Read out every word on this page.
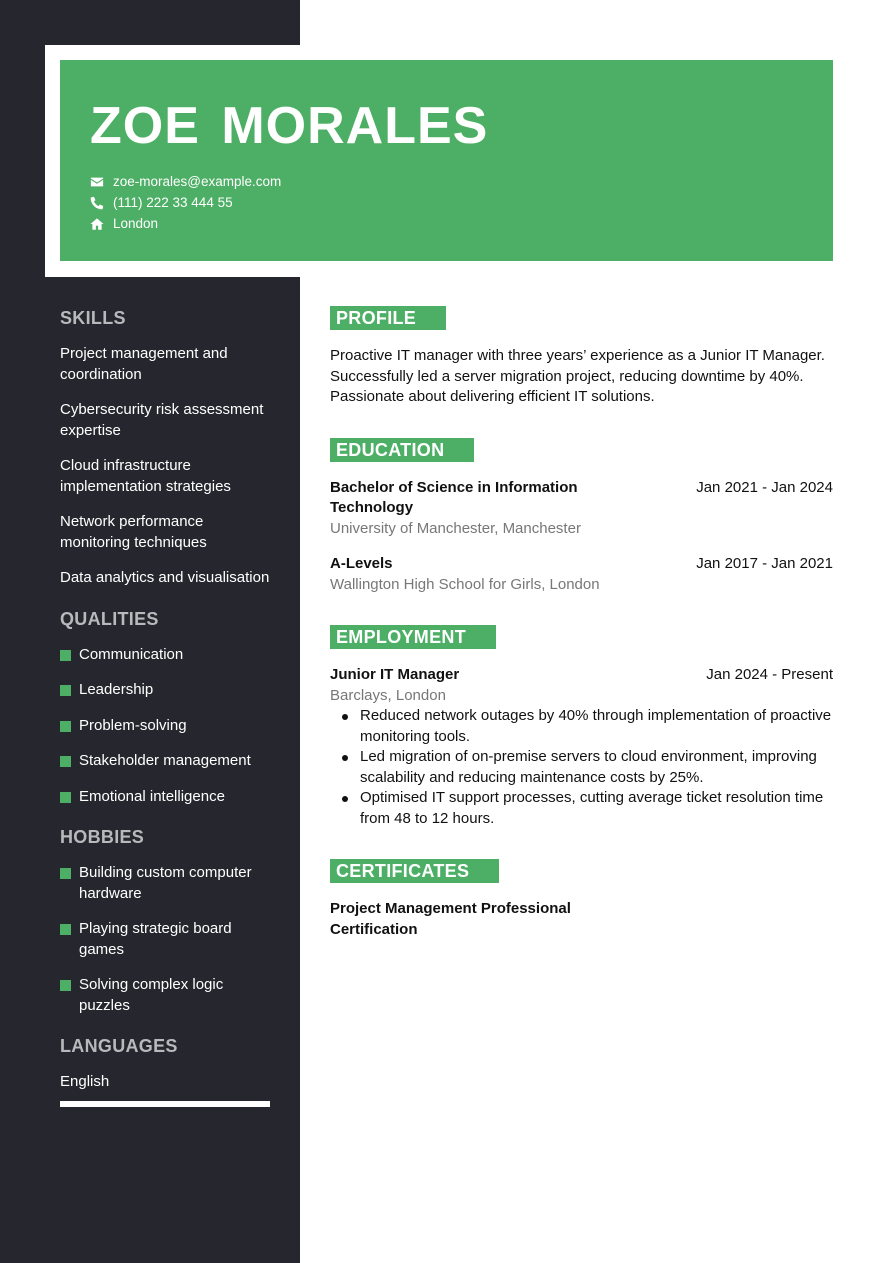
ZOE MORALES
zoe-morales@example.com
(111) 222 33 444 55
London
SKILLS
Project management and coordination
Cybersecurity risk assessment expertise
Cloud infrastructure implementation strategies
Network performance monitoring techniques
Data analytics and visualisation
QUALITIES
Communication
Leadership
Problem-solving
Stakeholder management
Emotional intelligence
HOBBIES
Building custom computer hardware
Playing strategic board games
Solving complex logic puzzles
LANGUAGES
English
PROFILE

Proactive IT manager with three years’ experience as a Junior IT Manager. Successfully led a server migration project, reducing downtime by 40%. Passionate about delivering efficient IT solutions.

EDUCATION
Bachelor of Science in Information Technology
Jan 2021 - Jan 2024
University of Manchester, Manchester
A-Levels	Jan 2017 - Jan 2021
Wallington High School for Girls, London
EMPLOYMENT
Junior IT Manager	Jan 2024 - Present
Barclays, London
Reduced network outages by 40% through implementation of proactive monitoring tools.
Led migration of on-premise servers to cloud environment, improving scalability and reducing maintenance costs by 25%.
Optimised IT support processes, cutting average ticket resolution time from 48 to 12 hours.
CERTIFICATES
Project Management Professional Certification
